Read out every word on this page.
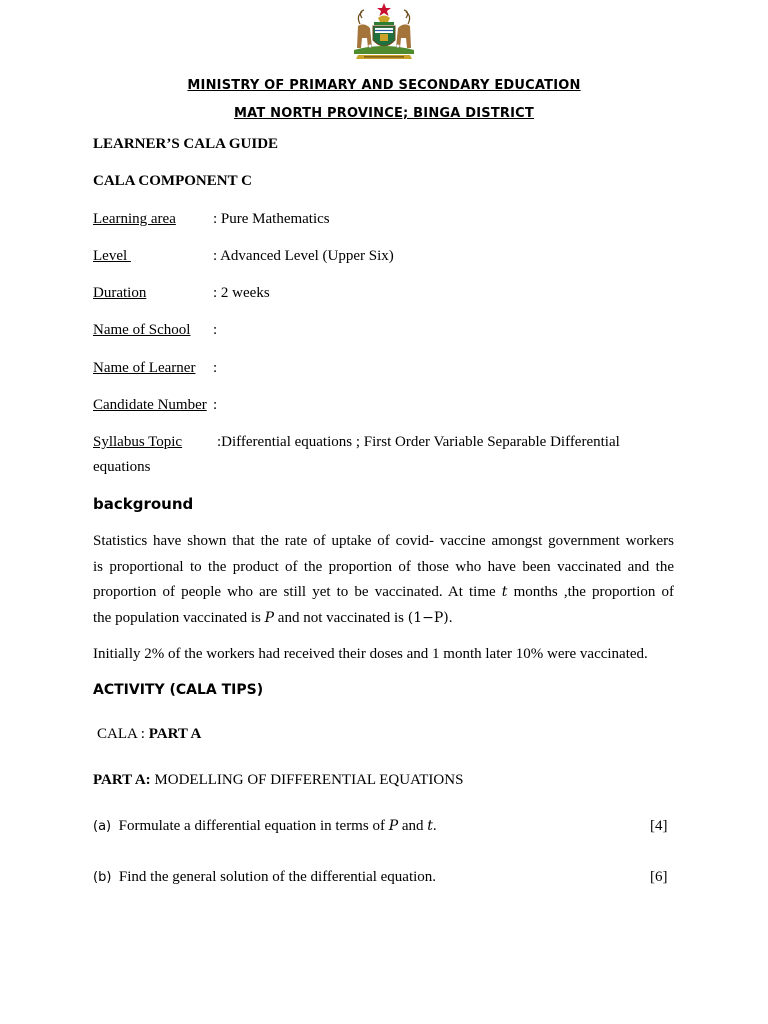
MINISTRY OF PRIMARY AND SECONDARY EDUCATION
MAT NORTH PROVINCE; BINGA DISTRICT
LEARNER’S CALA GUIDE
CALA COMPONENT C
Learning area : Pure Mathematics
Level	: Advanced Level (Upper Six)
Duration	: 2 weeks
Name of School :
Name of Learner :
Candidate Number :
Syllabus Topic :Differential equations ; First Order Variable Separable Differential
equations
background
Statistics have shown that the rate of uptake of covid- vaccine amongst government workers
is proportional to the product of the proportion of those who have been vaccinated and the
proportion of people who are still yet to be vaccinated. At time t months ,the proportion of
the population vaccinated is P and not vaccinated is (1−P).
Initially 2% of the workers had received their doses and 1 month later 10% were vaccinated.
ACTIVITY (CALA TIPS)
CALA : PART A
PART A: MODELLING OF DIFFERENTIAL EQUATIONS
(a) Formulate a differential equation in terms of P and t.	[4]
(b) Find the general solution of the differential equation.	[6]
